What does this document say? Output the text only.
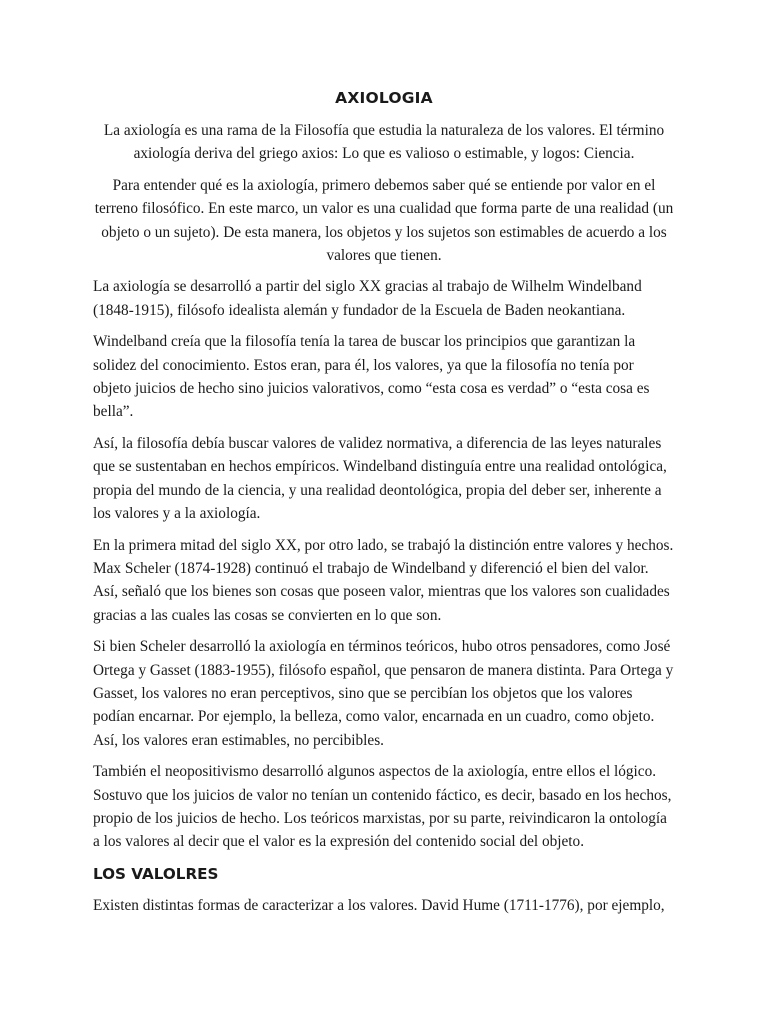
AXIOLOGIA

La axiología es una rama de la Filosofía que estudia la naturaleza de los valores. El término axiología deriva del griego axios: Lo que es valioso o estimable, y logos: Ciencia.

Para entender qué es la axiología, primero debemos saber qué se entiende por valor en el terreno filosófico. En este marco, un valor es una cualidad que forma parte de una realidad (un objeto o un sujeto). De esta manera, los objetos y los sujetos son estimables de acuerdo a los valores que tienen.

La axiología se desarrolló a partir del siglo XX gracias al trabajo de Wilhelm Windelband (1848-1915), filósofo idealista alemán y fundador de la Escuela de Baden neokantiana.

Windelband creía que la filosofía tenía la tarea de buscar los principios que garantizan la solidez del conocimiento. Estos eran, para él, los valores, ya que la filosofía no tenía por objeto juicios de hecho sino juicios valorativos, como “esta cosa es verdad” o “esta cosa es bella”.

Así, la filosofía debía buscar valores de validez normativa, a diferencia de las leyes naturales que se sustentaban en hechos empíricos. Windelband distinguía entre una realidad ontológica, propia del mundo de la ciencia, y una realidad deontológica, propia del deber ser, inherente a los valores y a la axiología.

En la primera mitad del siglo XX, por otro lado, se trabajó la distinción entre valores y hechos. Max Scheler (1874-1928) continuó el trabajo de Windelband y diferenció el bien del valor. Así, señaló que los bienes son cosas que poseen valor, mientras que los valores son cualidades gracias a las cuales las cosas se convierten en lo que son.

Si bien Scheler desarrolló la axiología en términos teóricos, hubo otros pensadores, como José Ortega y Gasset (1883-1955), filósofo español, que pensaron de manera distinta. Para Ortega y Gasset, los valores no eran perceptivos, sino que se percibían los objetos que los valores podían encarnar. Por ejemplo, la belleza, como valor, encarnada en un cuadro, como objeto. Así, los valores eran estimables, no percibibles.

También el neopositivismo desarrolló algunos aspectos de la axiología, entre ellos el lógico. Sostuvo que los juicios de valor no tenían un contenido fáctico, es decir, basado en los hechos, propio de los juicios de hecho. Los teóricos marxistas, por su parte, reivindicaron la ontología a los valores al decir que el valor es la expresión del contenido social del objeto.

LOS VALOLRES

Existen distintas formas de caracterizar a los valores. David Hume (1711-1776), por ejemplo,
